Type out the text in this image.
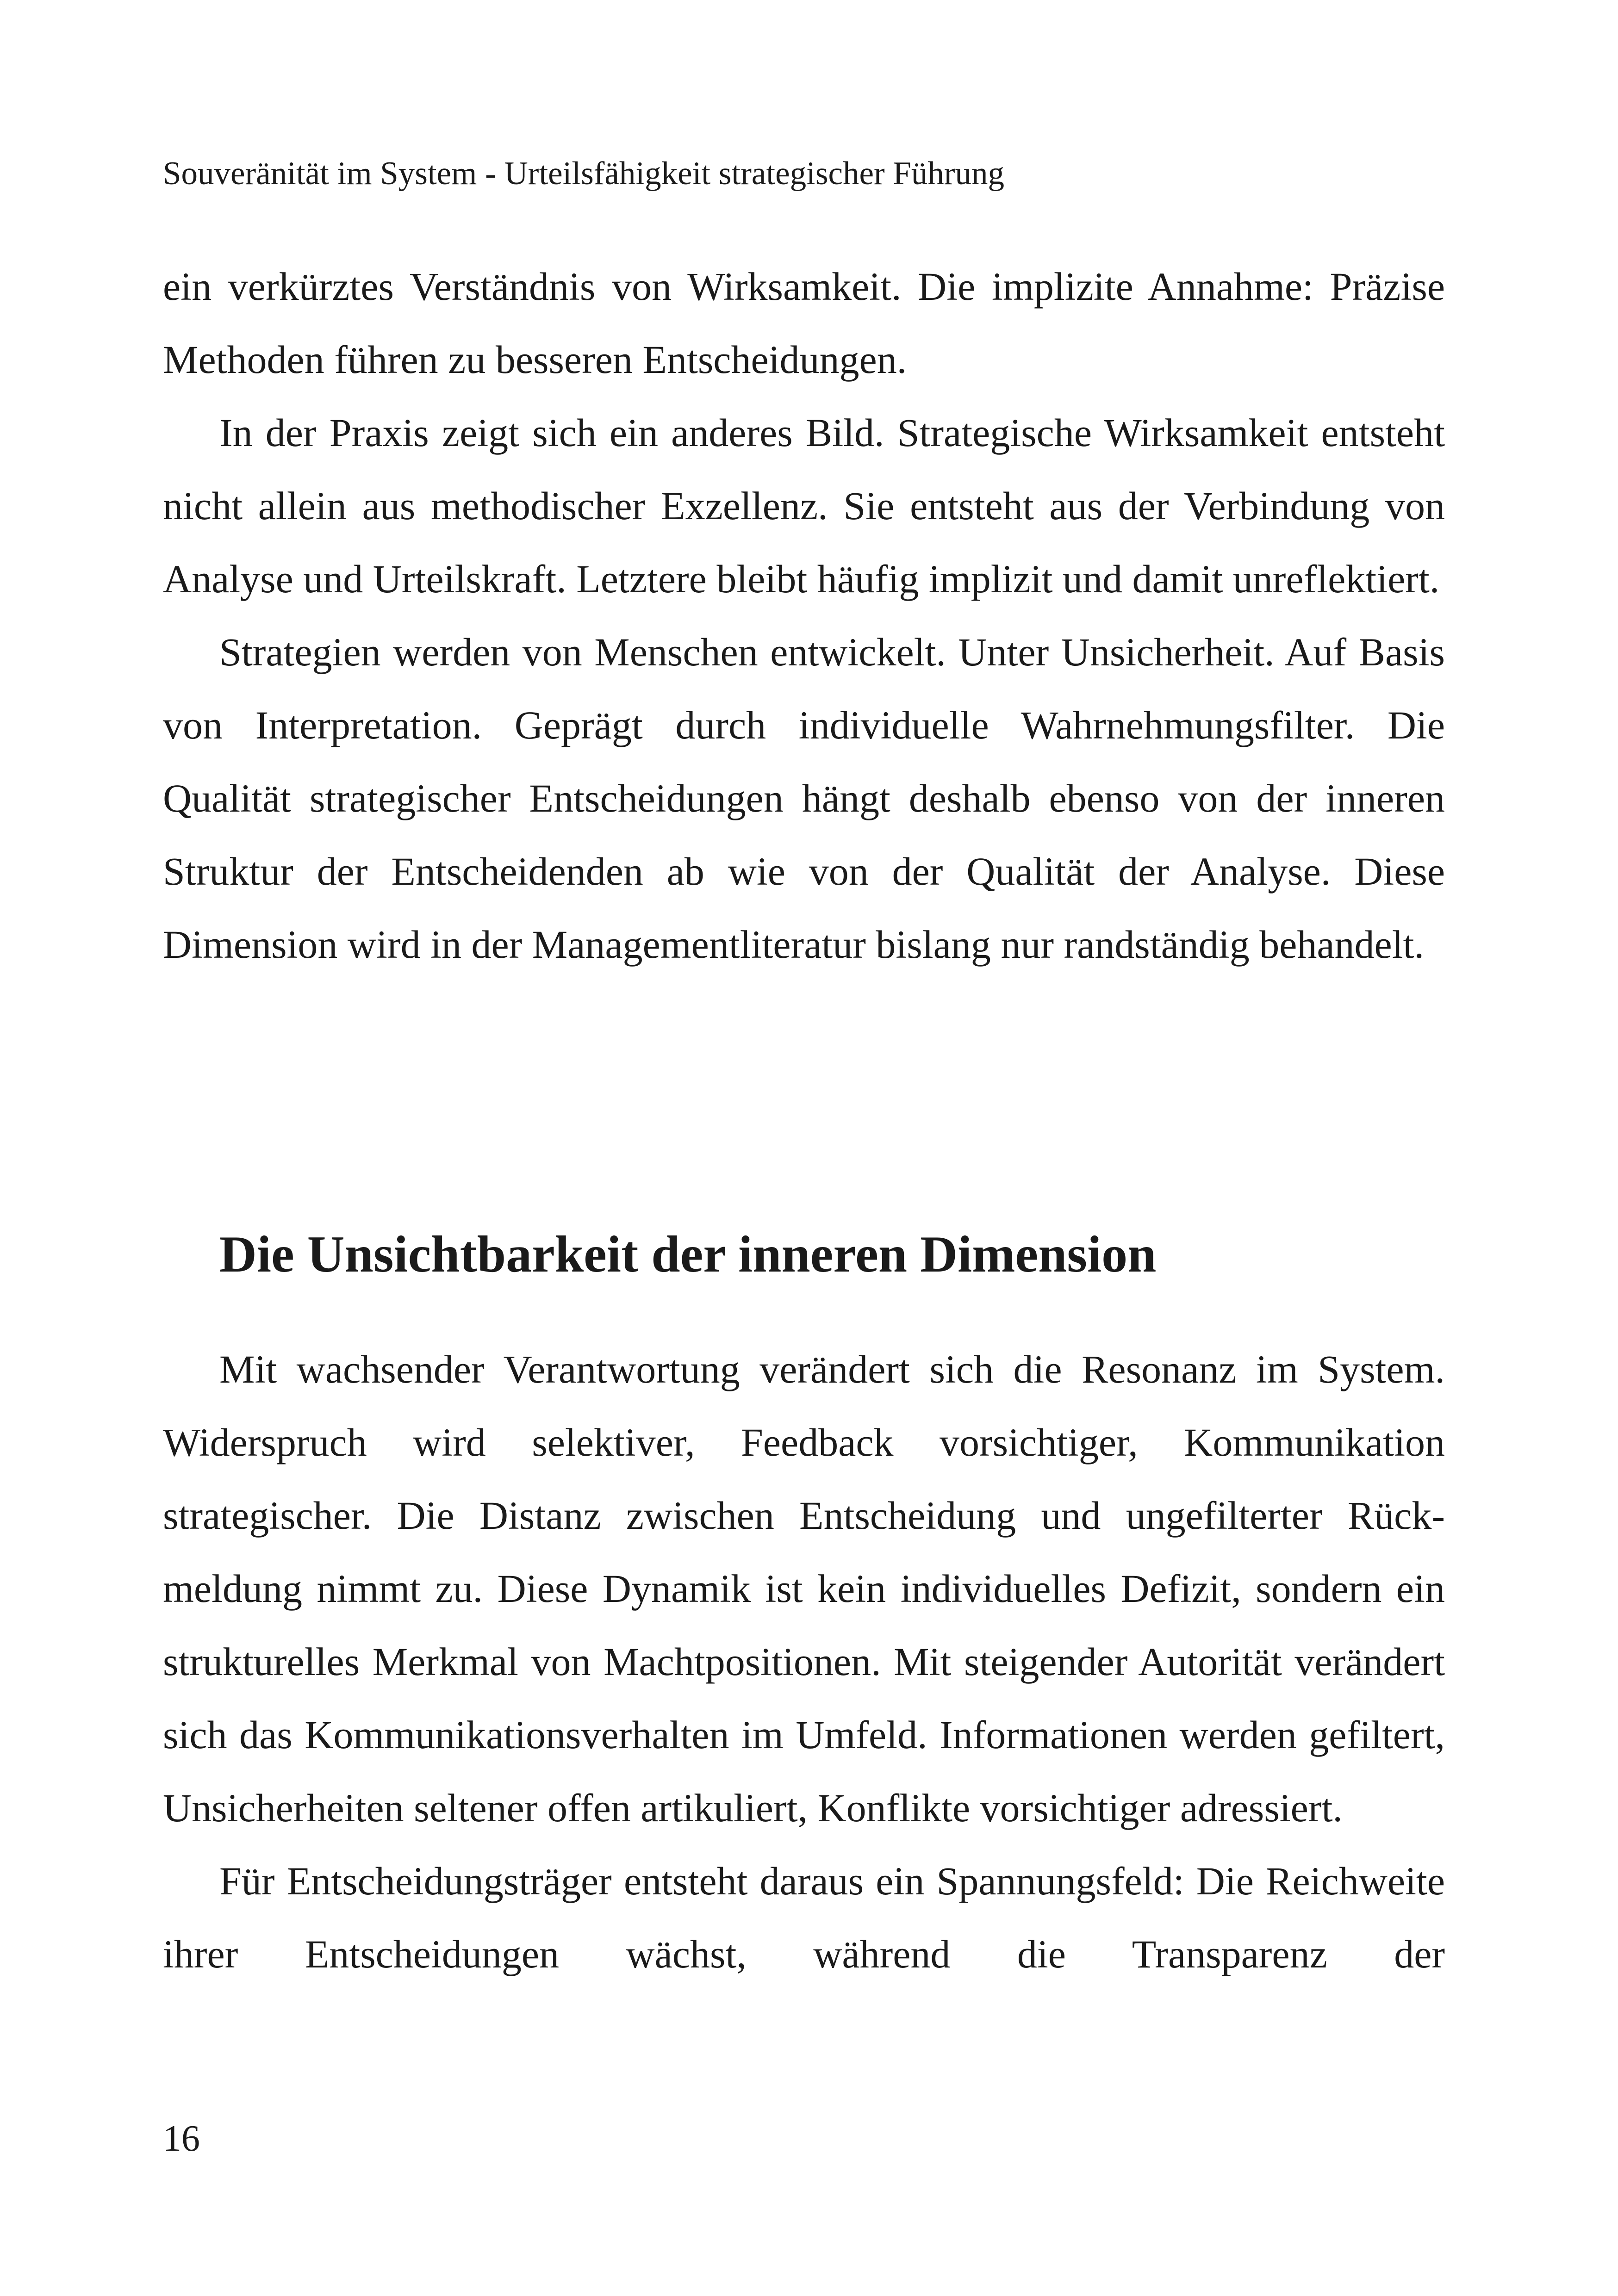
Souveränität im System - Urteilsfähigkeit strategischer Führung

ein verkürztes Verständnis von Wirksamkeit. Die implizite Annahme: Präzise Methoden führen zu besseren Entscheidungen.

In der Praxis zeigt sich ein anderes Bild. Strategische Wirksamkeit entsteht nicht allein aus methodischer Exzellenz. Sie entsteht aus der Verbindung von Analyse und Urteilskraft. Letztere bleibt häufig implizit und damit unreflektiert.

Strategien werden von Menschen entwickelt. Unter Unsicherheit. Auf Basis von Interpretation. Geprägt durch individuelle Wahrnehmungsfilter. Die Qualität strategischer Entscheidungen hängt deshalb ebenso von der inneren Struktur der Entscheidenden ab wie von der Qualität der Analyse. Diese Dimension wird in der Managementliteratur bislang nur randständig behandelt.

Die Unsichtbarkeit der inneren Dimension

Mit wachsender Verantwortung verändert sich die Resonanz im System. Widerspruch wird selektiver, Feedback vorsichtiger, Kommunikation strategischer. Die Distanz zwischen Entscheidung und ungefilterter Rückmeldung nimmt zu. Diese Dynamik ist kein individuelles Defizit, sondern ein strukturelles Merkmal von Machtpositionen. Mit steigender Autorität verändert sich das Kommunikationsverhalten im Umfeld. Informationen werden gefiltert, Unsicherheiten seltener offen artikuliert, Konflikte vorsichtiger adressiert.

Für Entscheidungsträger entsteht daraus ein Spannungsfeld: Die Reichweite ihrer Entscheidungen wächst, während die Transparenz der

16
